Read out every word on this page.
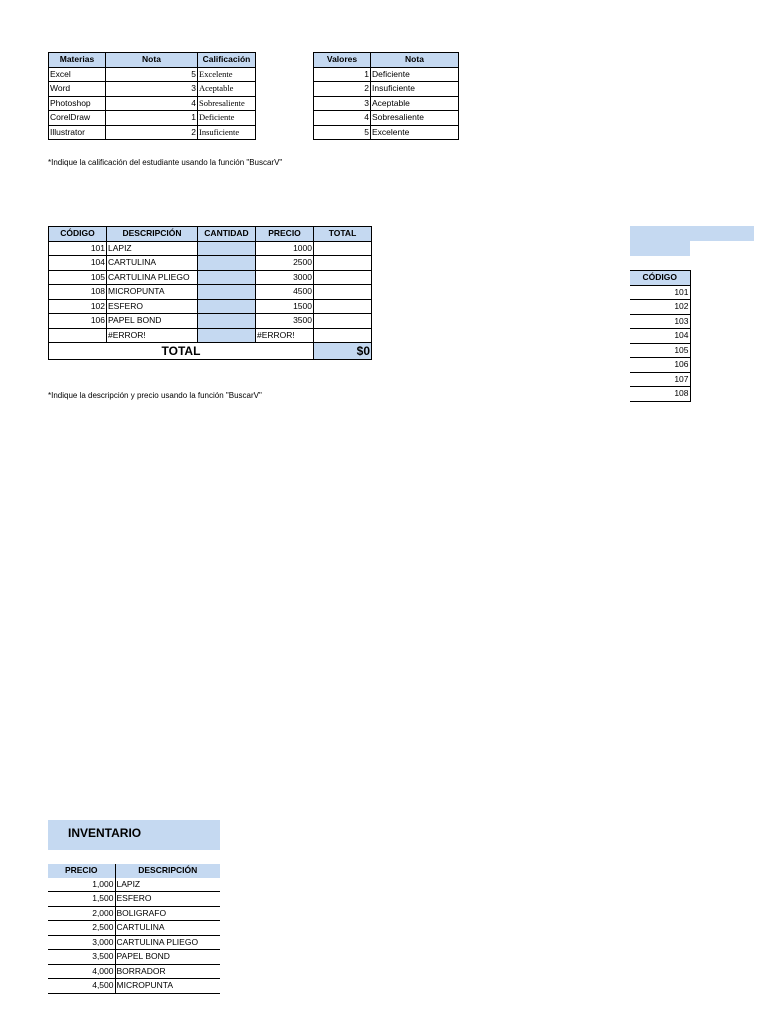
Materias	Nota	Calificación
Excel	5	Excelente
Word	3	Aceptable
Photoshop	4	Sobresaliente
CorelDraw	1	Deficiente
Illustrator	2	Insuficiente
Valores	Nota
1	Deficiente
2	Insuficiente
3	Aceptable
4	Sobresaliente
5	Excelente
*Indique la calificación del estudiante usando la función "BuscarV"
CÓDIGO	DESCRIPCIÓN	CANTIDAD	PRECIO	TOTAL
101	LAPIZ		1000	
104	CARTULINA		2500	
105	CARTULINA PLIEGO		3000	
108	MICROPUNTA		4500	
102	ESFERO		1500	
106	PAPEL BOND		3500	
	#ERROR!		#ERROR!	
TOTAL				$0
*Indique la descripción y precio usando la función "BuscarV"
CÓDIGO
101
102
103
104
105
106
107
108
INVENTARIO
PRECIO	DESCRIPCIÓN
1,000	LAPIZ
1,500	ESFERO
2,000	BOLIGRAFO
2,500	CARTULINA
3,000	CARTULINA PLIEGO
3,500	PAPEL BOND
4,000	BORRADOR
4,500	MICROPUNTA
